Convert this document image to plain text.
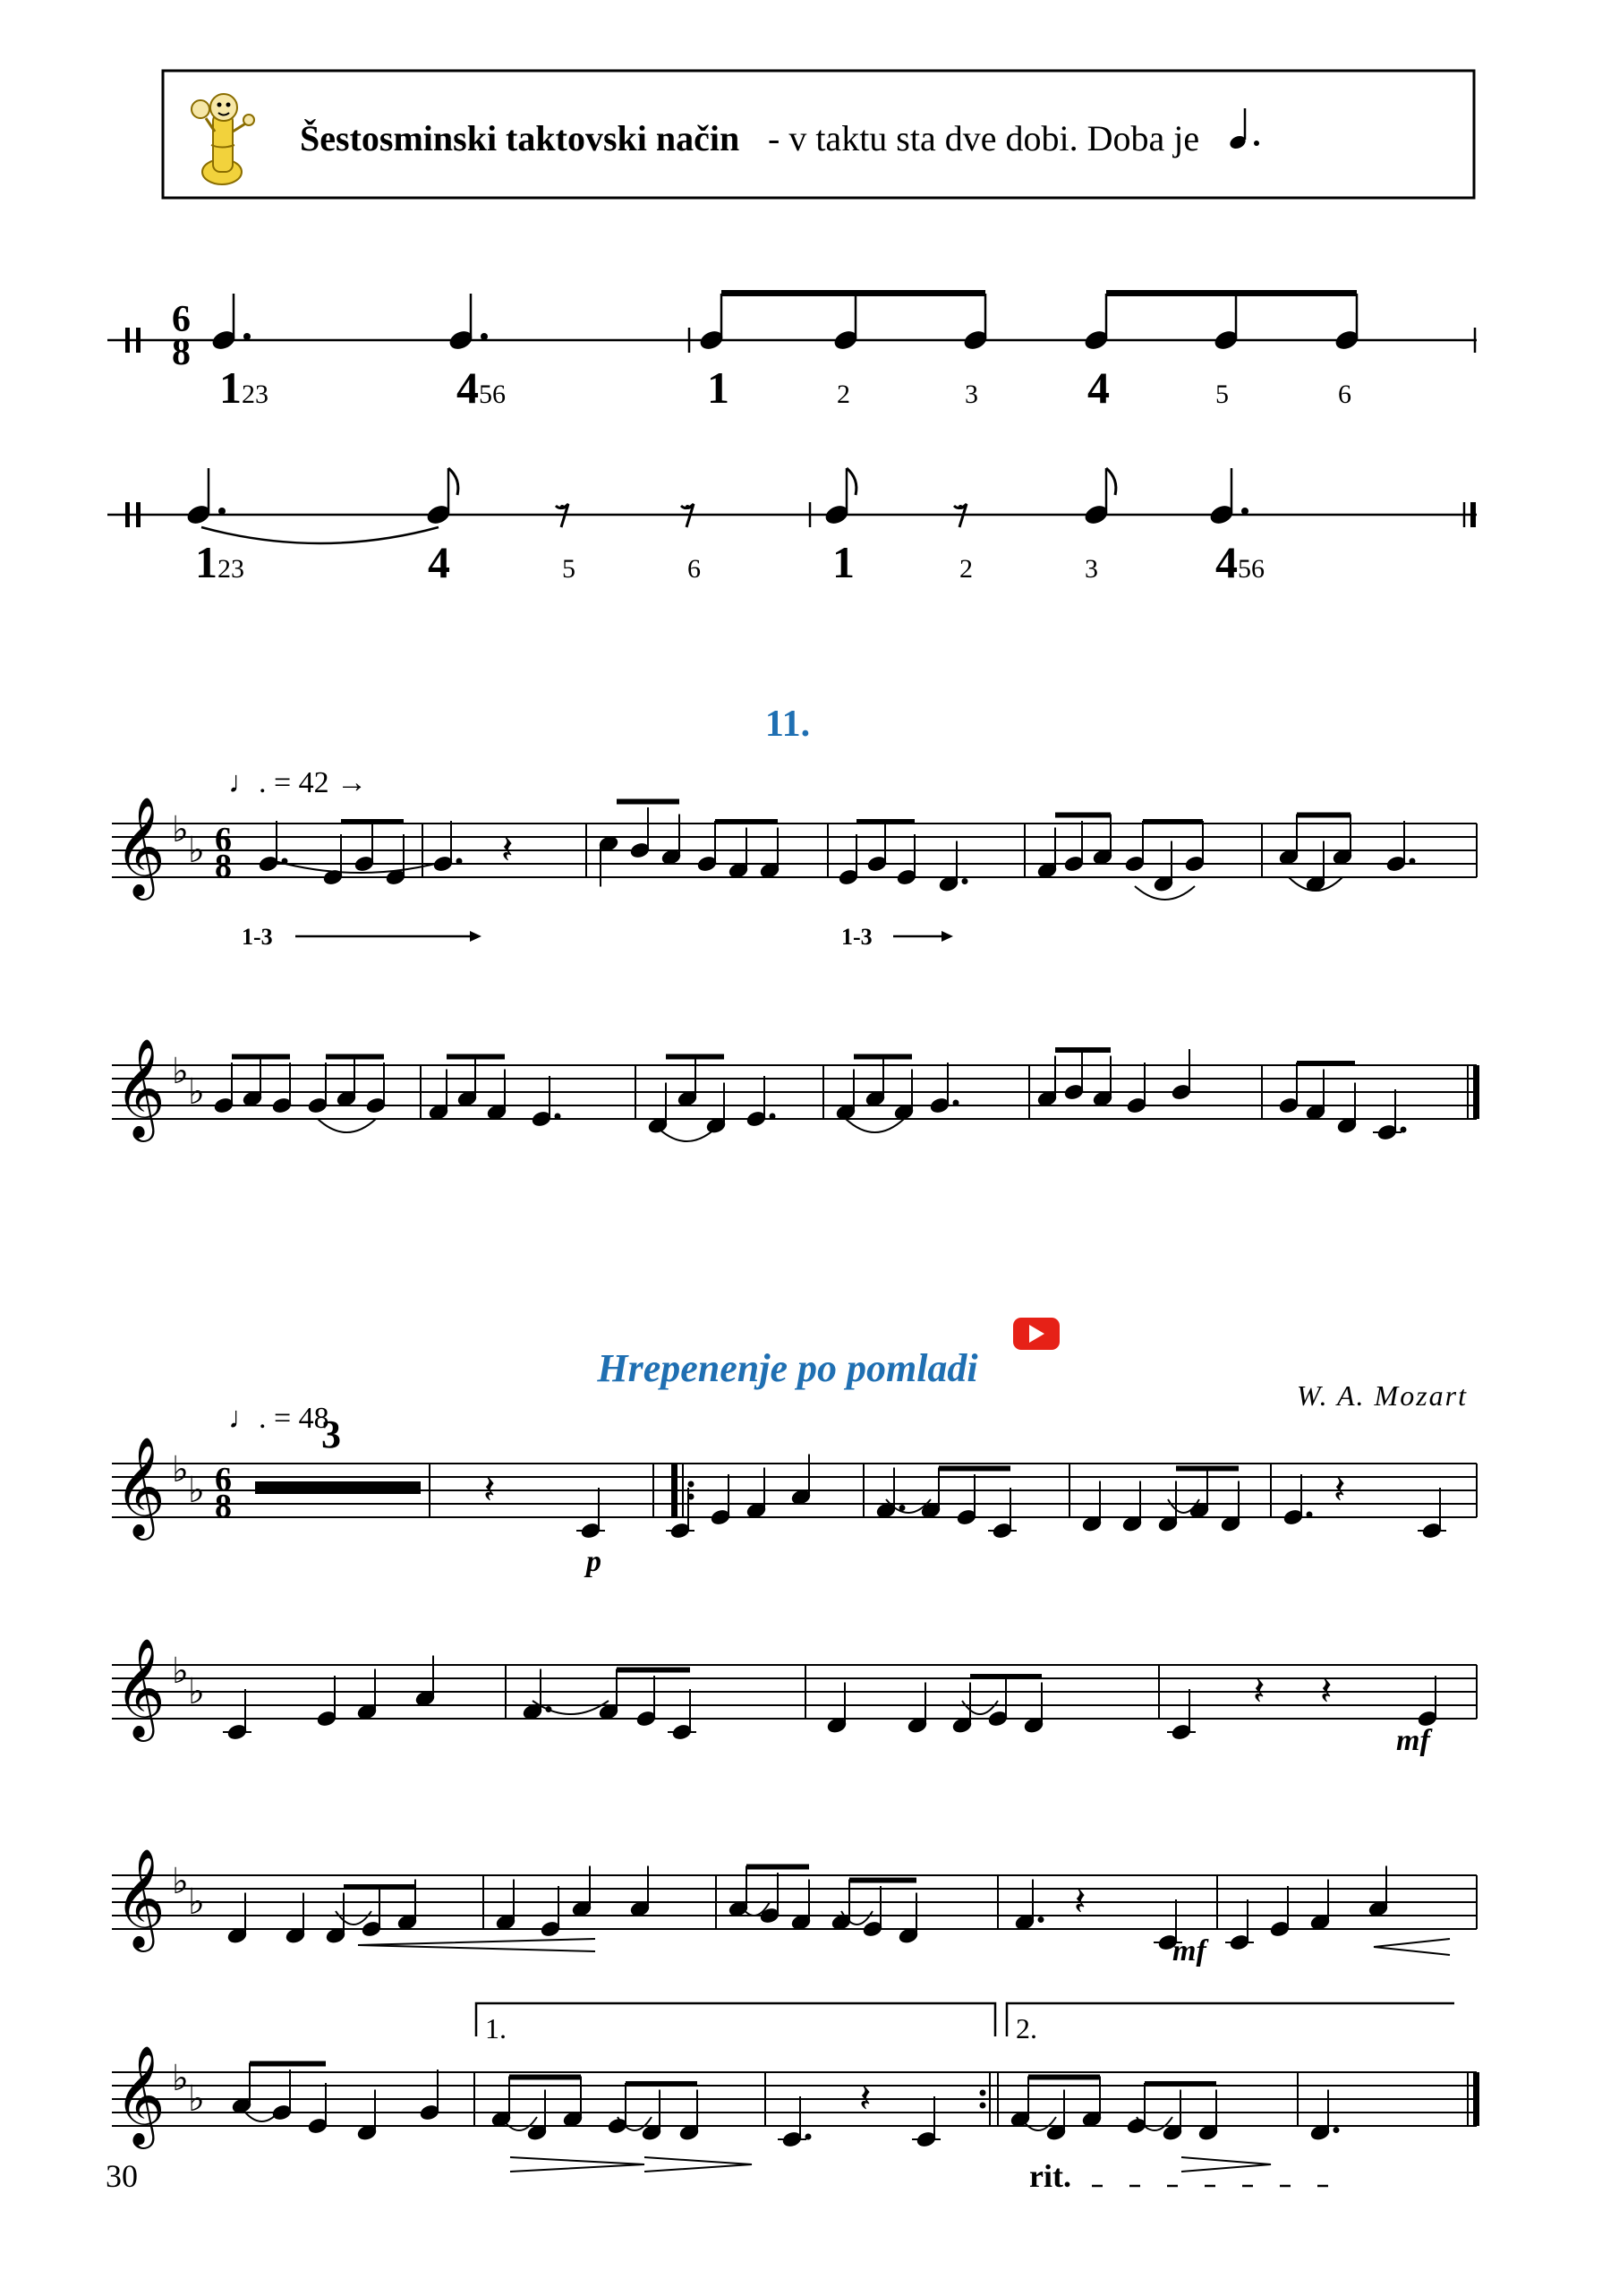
Šestosminski taktovski način - v taktu sta dve dobi. Doba je
6
8
123	456	1	2	3 4	5	6
𝄾	𝄾	𝄾
123	4	5	6	1	2	3	456
11.
♩. = 42 →
𝄞 ♭
♭ 6
8	𝄽
𝄞 ♭
♭
1-3	1-3
Hrepenenje po pomladi
W. A. Mozart
♩. = 48
3
𝄞 ♭
♭ 6
8	𝄽	𝄽
𝄞 ♭
♭	𝄽 𝄽
𝄞 ♭
♭	𝄽
𝄞 ♭
♭	𝄽
p
mf
mf
1.	2.
rit.
30
